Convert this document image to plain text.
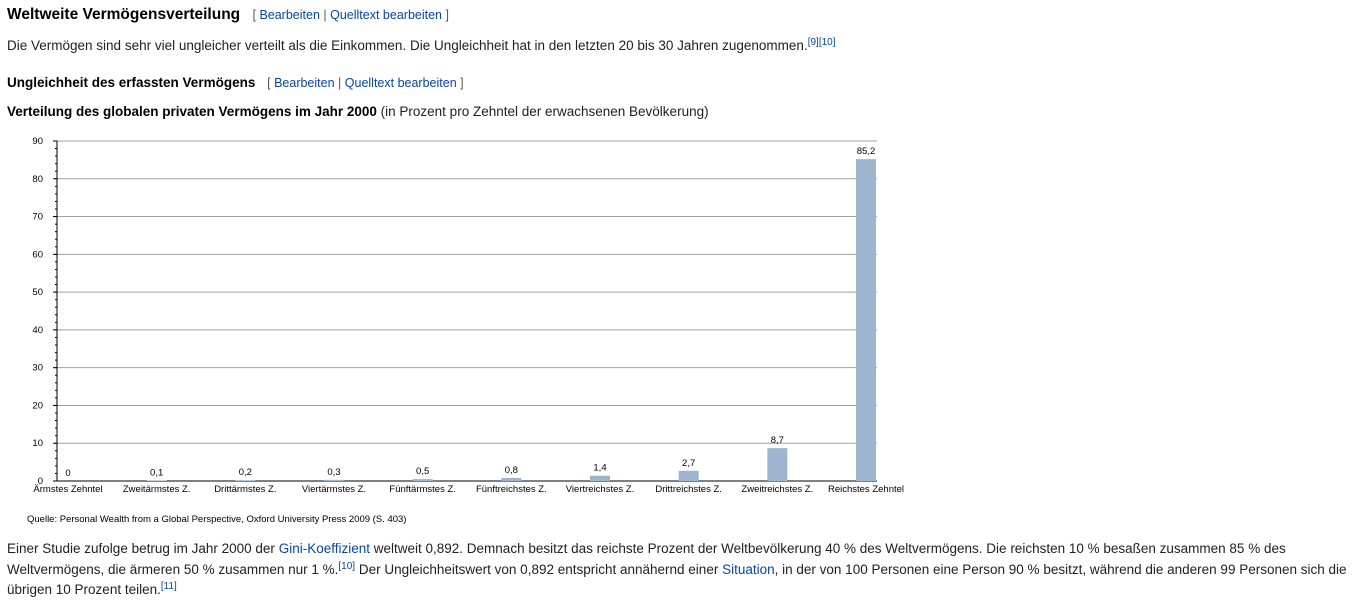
Weltweite Vermögensverteilung [ Bearbeiten | Quelltext bearbeiten ]
Die Vermögen sind sehr viel ungleicher verteilt als die Einkommen. Die Ungleichheit hat in den letzten 20 bis 30 Jahren zugenommen.[9][10]
Ungleichheit des erfassten Vermögens [ Bearbeiten | Quelltext bearbeiten ]
Verteilung des globalen privaten Vermögens im Jahr 2000 (in Prozent pro Zehntel der erwachsenen Bevölkerung)
0
10
20
30
40
50
60
70
80
90
0
Ärmstes Zehntel
0,1
Zweitärmstes Z.
0,2
Drittärmstes Z.
0,3
Viertärmstes Z.
0,5
Fünftärmstes Z.
0,8
Fünftreichstes Z.
1,4
Viertreichstes Z.
2,7
Drittreichstes Z.
8,7
Zweitreichstes Z.
85,2
Reichstes Zehntel
Quelle: Personal Wealth from a Global Perspective, Oxford University Press 2009 (S. 403)
Einer Studie zufolge betrug im Jahr 2000 der Gini-Koeffizient weltweit 0,892. Demnach besitzt das reichste Prozent der Weltbevölkerung 40 % des Weltvermögens. Die reichsten 10 % besaßen zusammen 85 % des Weltvermögens, die ärmeren 50 % zusammen nur 1 %.[10] Der Ungleichheitswert von 0,892 entspricht annähernd einer Situation, in der von 100 Personen eine Person 90 % besitzt, während die anderen 99 Personen sich die übrigen 10 Prozent teilen.[11]
